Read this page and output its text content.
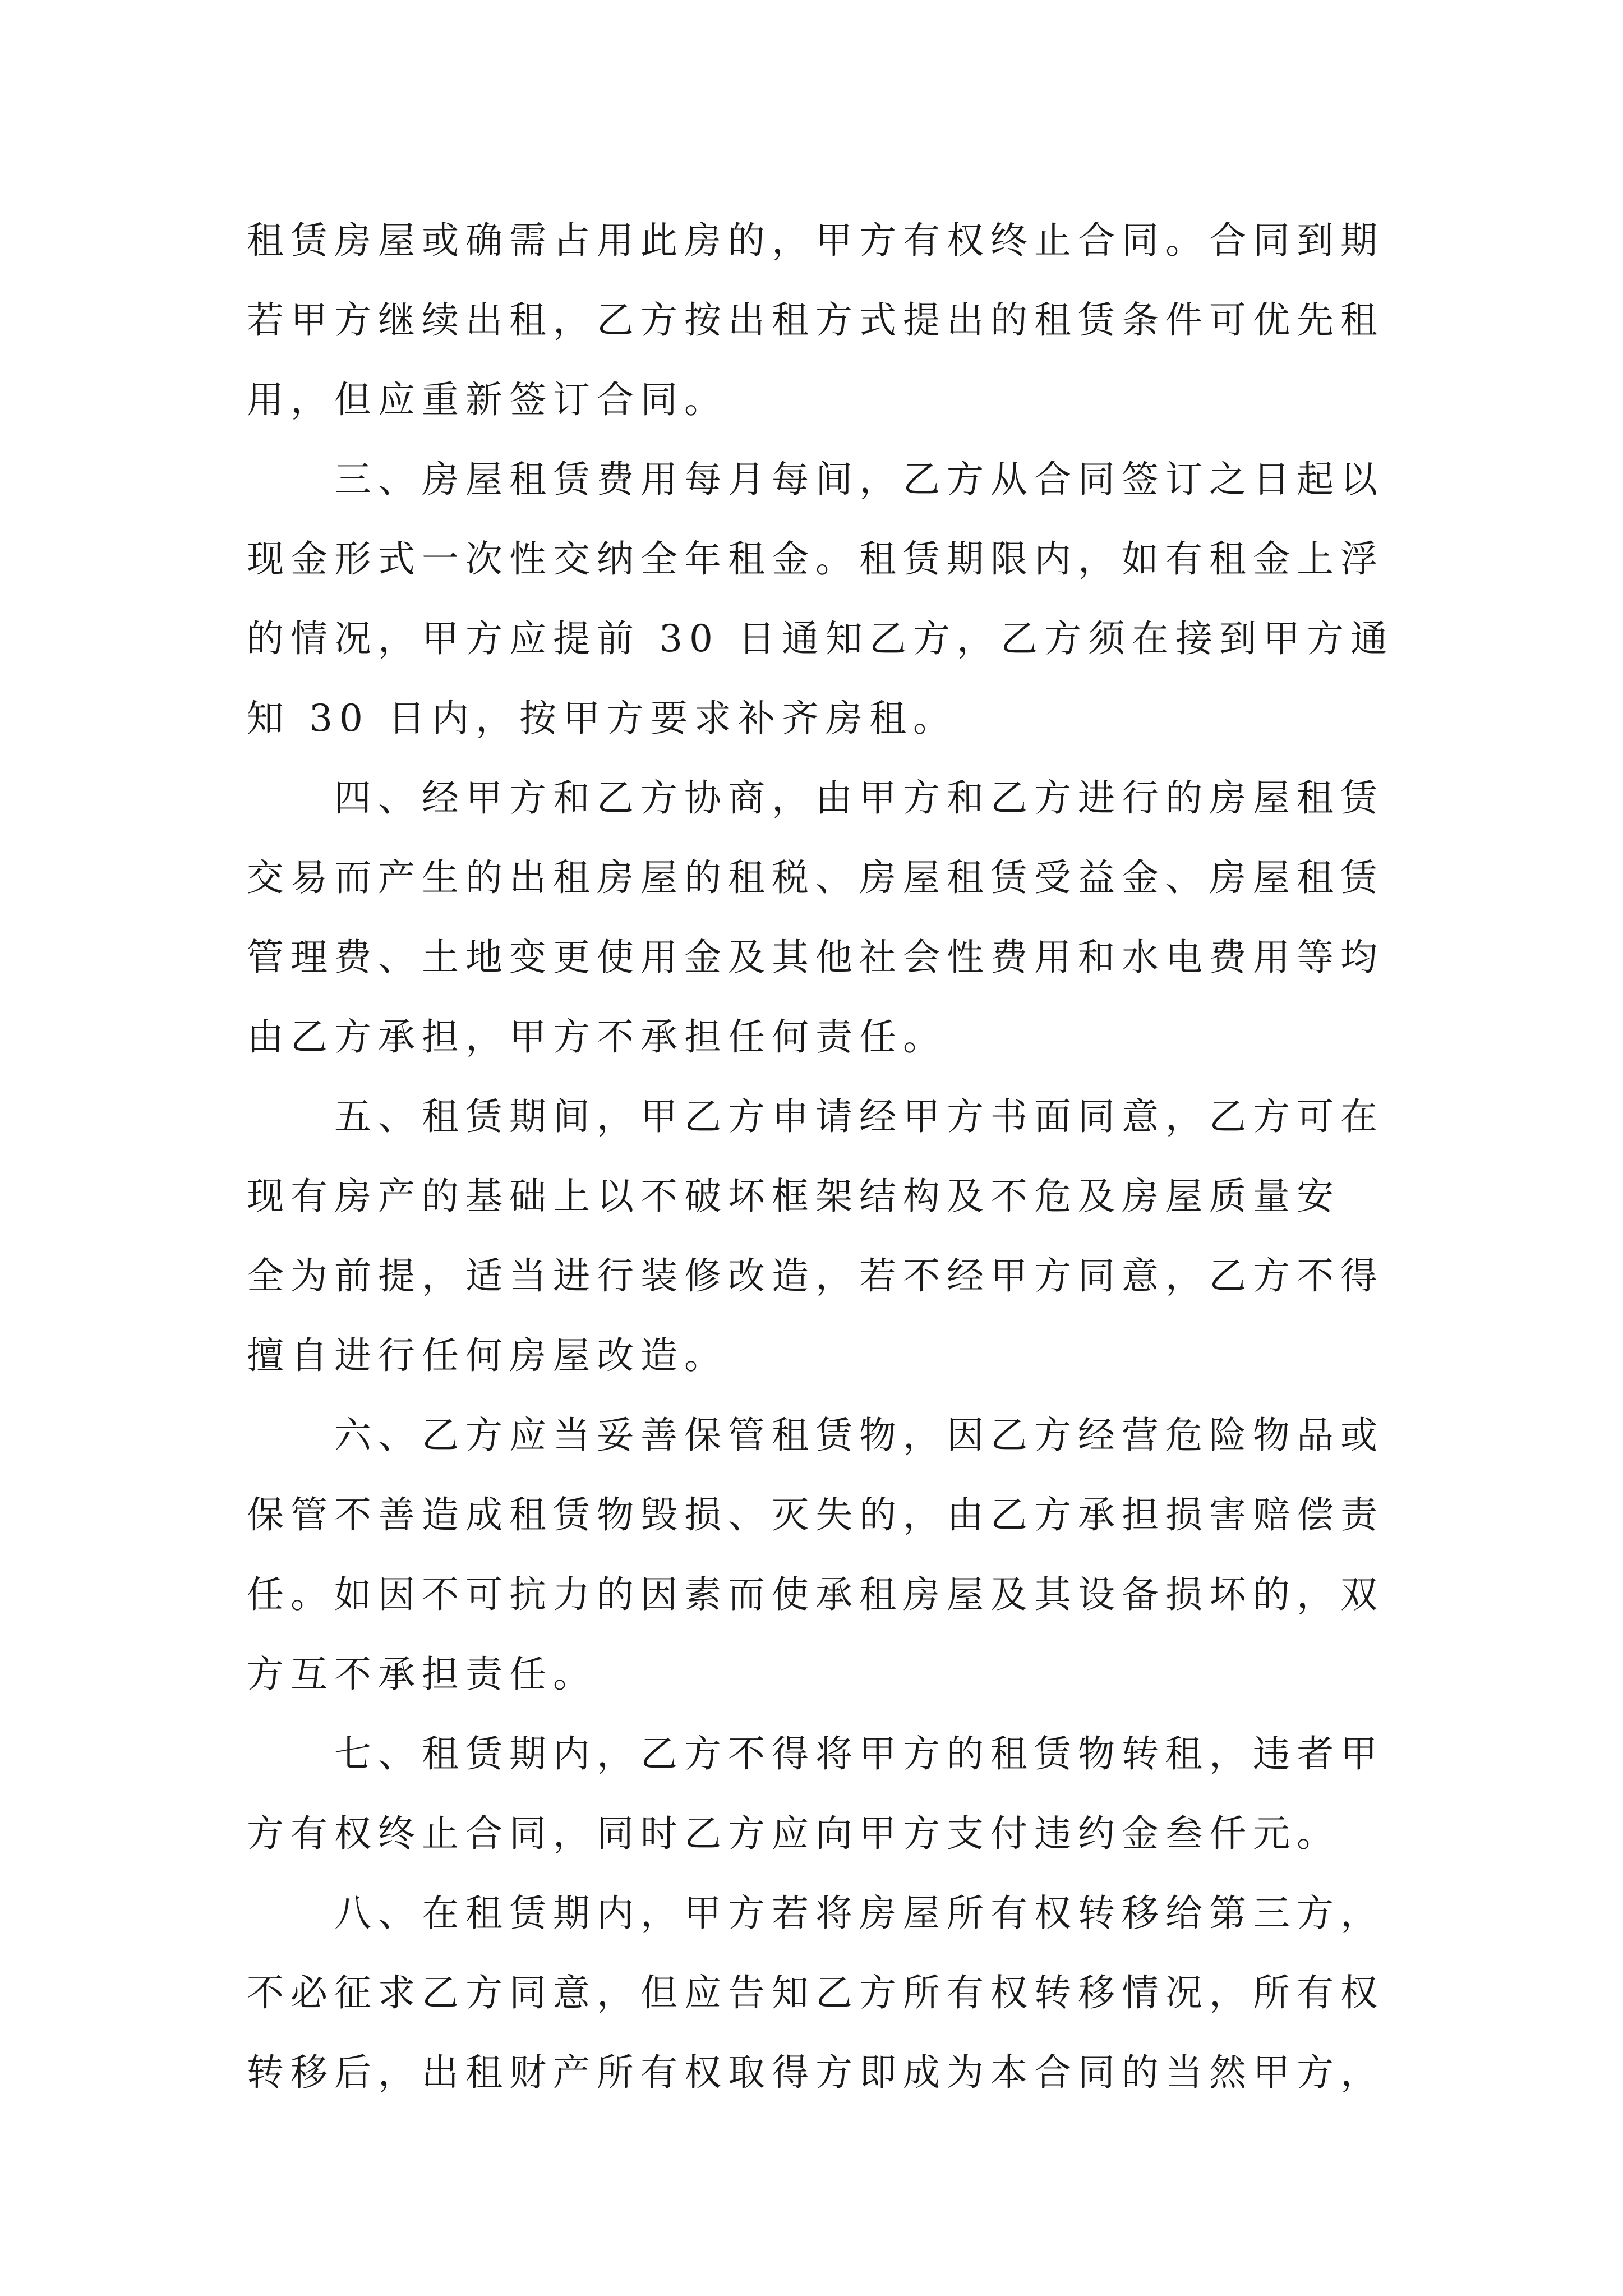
租赁房屋或确需占用此房的，甲方有权终止合同。合同到期
若甲方继续出租，乙方按出租方式提出的租赁条件可优先租
用，但应重新签订合同。
三、房屋租赁费用每月每间，乙方从合同签订之日起以
现金形式一次性交纳全年租金。租赁期限内，如有租金上浮
的情况，甲方应提前 30 日通知乙方，乙方须在接到甲方通
知 30 日内，按甲方要求补齐房租。
四、经甲方和乙方协商，由甲方和乙方进行的房屋租赁
交易而产生的出租房屋的租税、房屋租赁受益金、房屋租赁
管理费、土地变更使用金及其他社会性费用和水电费用等均
由乙方承担，甲方不承担任何责任。
五、租赁期间，甲乙方申请经甲方书面同意，乙方可在
现有房产的基础上以不破坏框架结构及不危及房屋质量安
全为前提，适当进行装修改造，若不经甲方同意，乙方不得
擅自进行任何房屋改造。
六、乙方应当妥善保管租赁物，因乙方经营危险物品或
保管不善造成租赁物毁损、灭失的，由乙方承担损害赔偿责
任。如因不可抗力的因素而使承租房屋及其设备损坏的，双
方互不承担责任。
七、租赁期内，乙方不得将甲方的租赁物转租，违者甲
方有权终止合同，同时乙方应向甲方支付违约金叁仟元。
八、在租赁期内，甲方若将房屋所有权转移给第三方，
不必征求乙方同意，但应告知乙方所有权转移情况，所有权
转移后，出租财产所有权取得方即成为本合同的当然甲方，
